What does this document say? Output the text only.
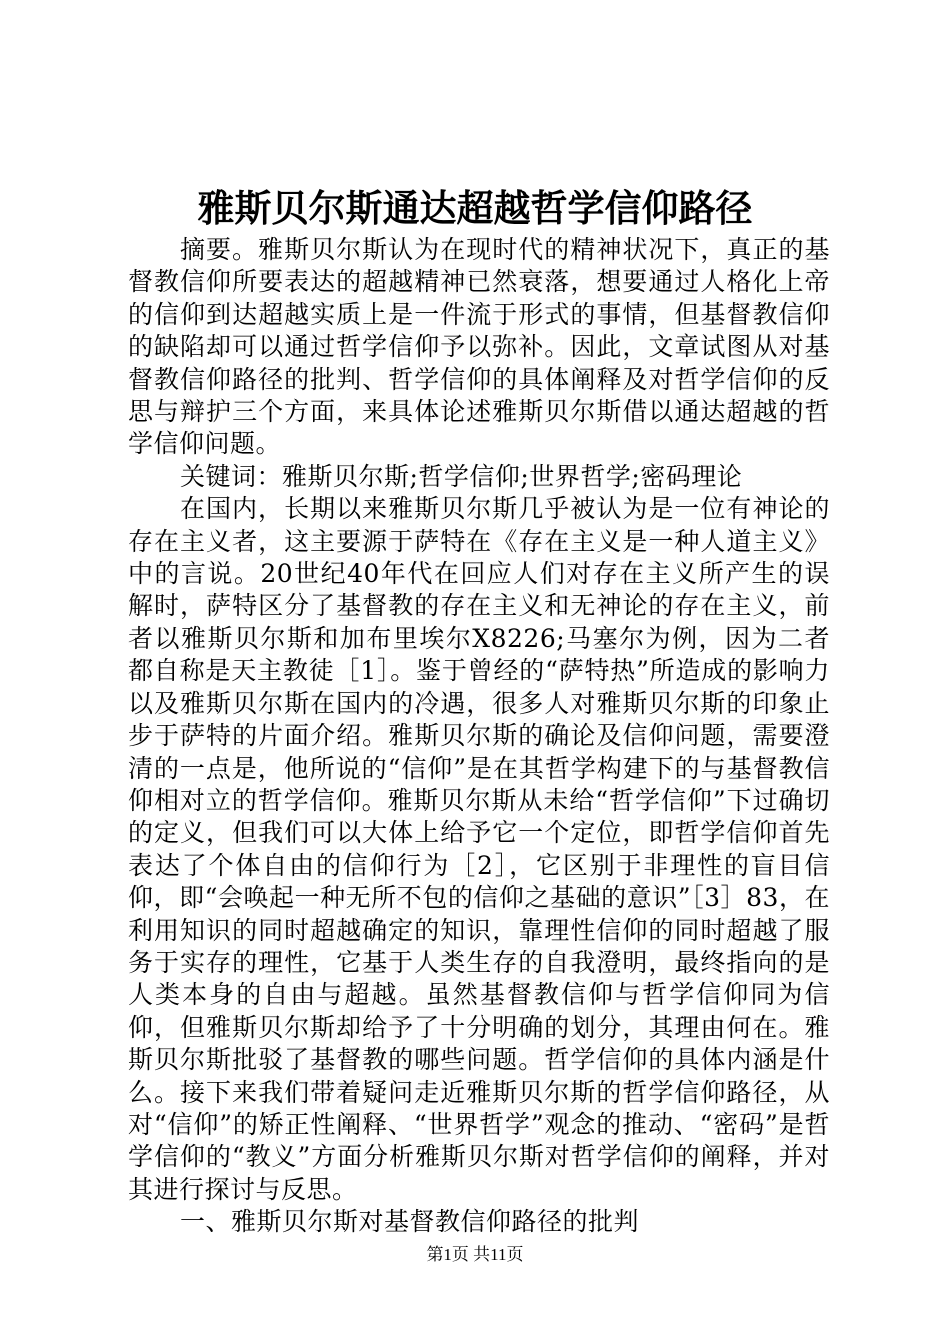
雅斯贝尔斯通达超越哲学信仰路径

摘要。雅斯贝尔斯认为在现时代的精神状况下，真正的基督教信仰所要表达的超越精神已然衰落，想要通过人格化上帝的信仰到达超越实质上是一件流于形式的事情，但基督教信仰的缺陷却可以通过哲学信仰予以弥补。因此，文章试图从对基督教信仰路径的批判、哲学信仰的具体阐释及对哲学信仰的反思与辩护三个方面，来具体论述雅斯贝尔斯借以通达超越的哲学信仰问题。

关键词：雅斯贝尔斯;哲学信仰;世界哲学;密码理论

在国内，长期以来雅斯贝尔斯几乎被认为是一位有神论的存在主义者，这主要源于萨特在《存在主义是一种人道主义》中的言说。20世纪40年代在回应人们对存在主义所产生的误解时，萨特区分了基督教的存在主义和无神论的存在主义，前者以雅斯贝尔斯和加布里埃尔X8226;马塞尔为例，因为二者都自称是天主教徒［1］。鉴于曾经的“萨特热”所造成的影响力以及雅斯贝尔斯在国内的冷遇，很多人对雅斯贝尔斯的印象止步于萨特的片面介绍。雅斯贝尔斯的确论及信仰问题，需要澄清的一点是，他所说的“信仰”是在其哲学构建下的与基督教信仰相对立的哲学信仰。雅斯贝尔斯从未给“哲学信仰”下过确切的定义，但我们可以大体上给予它一个定位，即哲学信仰首先表达了个体自由的信仰行为［2］，它区别于非理性的盲目信仰，即“会唤起一种无所不包的信仰之基础的意识”［3］83，在利用知识的同时超越确定的知识，靠理性信仰的同时超越了服务于实存的理性，它基于人类生存的自我澄明，最终指向的是人类本身的自由与超越。虽然基督教信仰与哲学信仰同为信仰，但雅斯贝尔斯却给予了十分明确的划分，其理由何在。雅斯贝尔斯批驳了基督教的哪些问题。哲学信仰的具体内涵是什么。接下来我们带着疑问走近雅斯贝尔斯的哲学信仰路径，从对“信仰”的矫正性阐释、“世界哲学”观念的推动、“密码”是哲学信仰的“教义”方面分析雅斯贝尔斯对哲学信仰的阐释，并对其进行探讨与反思。

一、雅斯贝尔斯对基督教信仰路径的批判

第1页 共11页
